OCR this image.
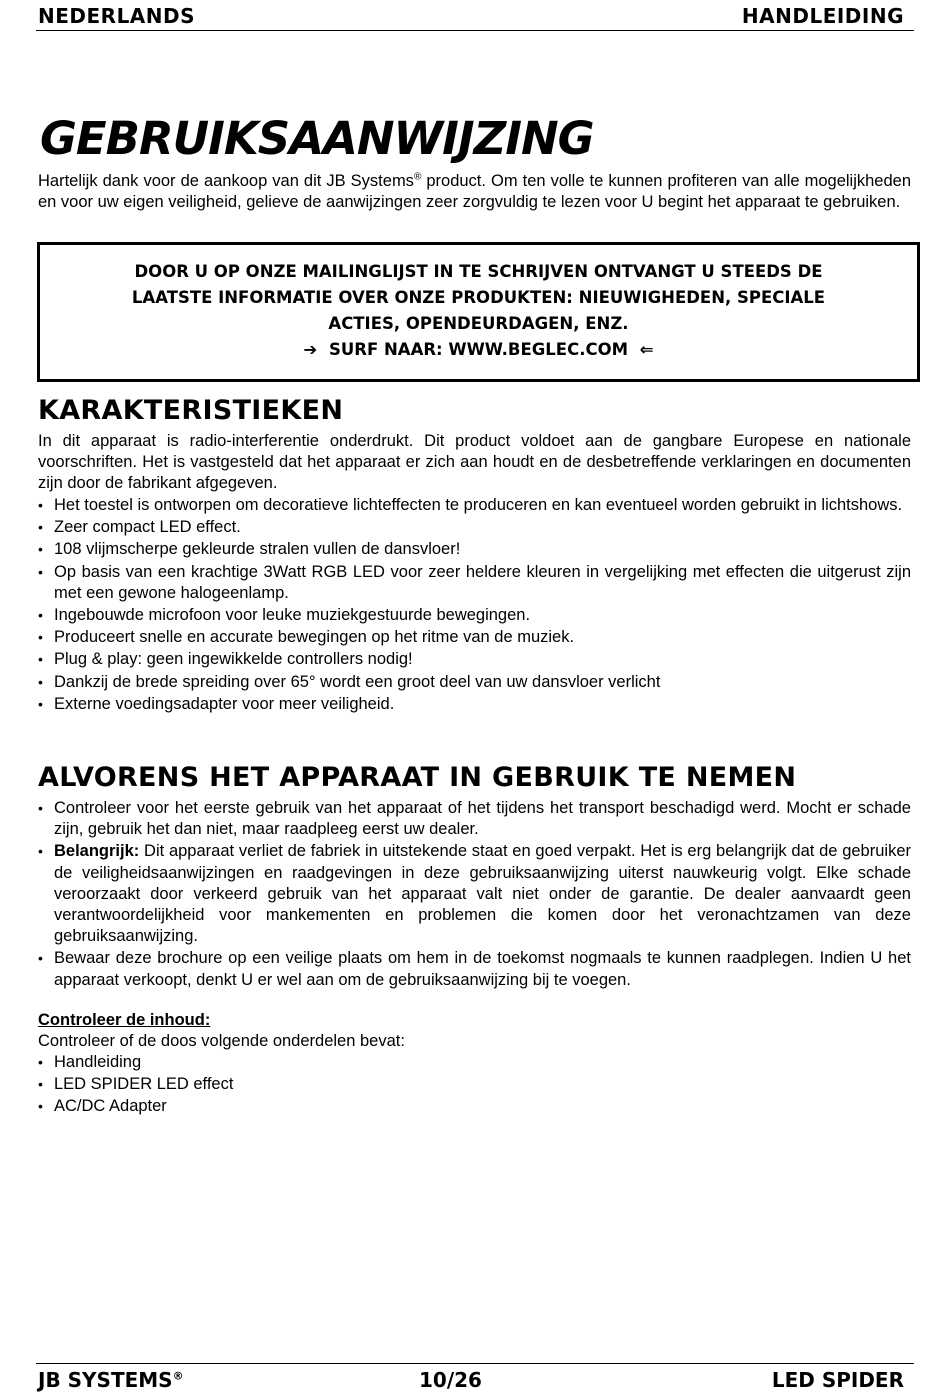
NEDERLANDS	HANDLEIDING
GEBRUIKSAANWIJZING

Hartelijk dank voor de aankoop van dit JB Systems® product. Om ten volle te kunnen profiteren van alle mogelijkheden en voor uw eigen veiligheid, gelieve de aanwijzingen zeer zorgvuldig te lezen voor U begint het apparaat te gebruiken.

DOOR U OP ONZE MAILINGLIJST IN TE SCHRIJVEN ONTVANGT U STEEDS DE
LAATSTE INFORMATIE OVER ONZE PRODUKTEN: NIEUWIGHEDEN, SPECIALE
ACTIES, OPENDEURDAGEN, ENZ.
➔ SURF NAAR: WWW.BEGLEC.COM ⇐
KARAKTERISTIEKEN

In dit apparaat is radio-interferentie onderdrukt. Dit product voldoet aan de gangbare Europese en nationale voorschriften. Het is vastgesteld dat het apparaat er zich aan houdt en de desbetreffende verklaringen en documenten zijn door de fabrikant afgegeven.

• Het toestel is ontworpen om decoratieve lichteffecten te produceren en kan eventueel worden gebruikt in lichtshows.
• Zeer compact LED effect.
• 108 vlijmscherpe gekleurde stralen vullen de dansvloer!
• Op basis van een krachtige 3Watt RGB LED voor zeer heldere kleuren in vergelijking met effecten die uitgerust zijn met een gewone halogeenlamp.
• Ingebouwde microfoon voor leuke muziekgestuurde bewegingen.
• Produceert snelle en accurate bewegingen op het ritme van de muziek.
• Plug & play: geen ingewikkelde controllers nodig!
• Dankzij de brede spreiding over 65° wordt een groot deel van uw dansvloer verlicht
• Externe voedingsadapter voor meer veiligheid.
ALVORENS HET APPARAAT IN GEBRUIK TE NEMEN
• Controleer voor het eerste gebruik van het apparaat of het tijdens het transport beschadigd werd. Mocht er schade zijn, gebruik het dan niet, maar raadpleeg eerst uw dealer.
• Belangrijk: Dit apparaat verliet de fabriek in uitstekende staat en goed verpakt. Het is erg belangrijk dat de gebruiker de veiligheidsaanwijzingen en raadgevingen in deze gebruiksaanwijzing uiterst nauwkeurig volgt. Elke schade veroorzaakt door verkeerd gebruik van het apparaat valt niet onder de garantie. De dealer aanvaardt geen verantwoordelijkheid voor mankementen en problemen die komen door het veronachtzamen van deze gebruiksaanwijzing.
• Bewaar deze brochure op een veilige plaats om hem in de toekomst nogmaals te kunnen raadplegen. Indien U het apparaat verkoopt, denkt U er wel aan om de gebruiksaanwijzing bij te voegen.

Controleer de inhoud:

Controleer of de doos volgende onderdelen bevat:

• Handleiding
• LED SPIDER LED effect
• AC/DC Adapter
JB SYSTEMS®	10/26	LED SPIDER
